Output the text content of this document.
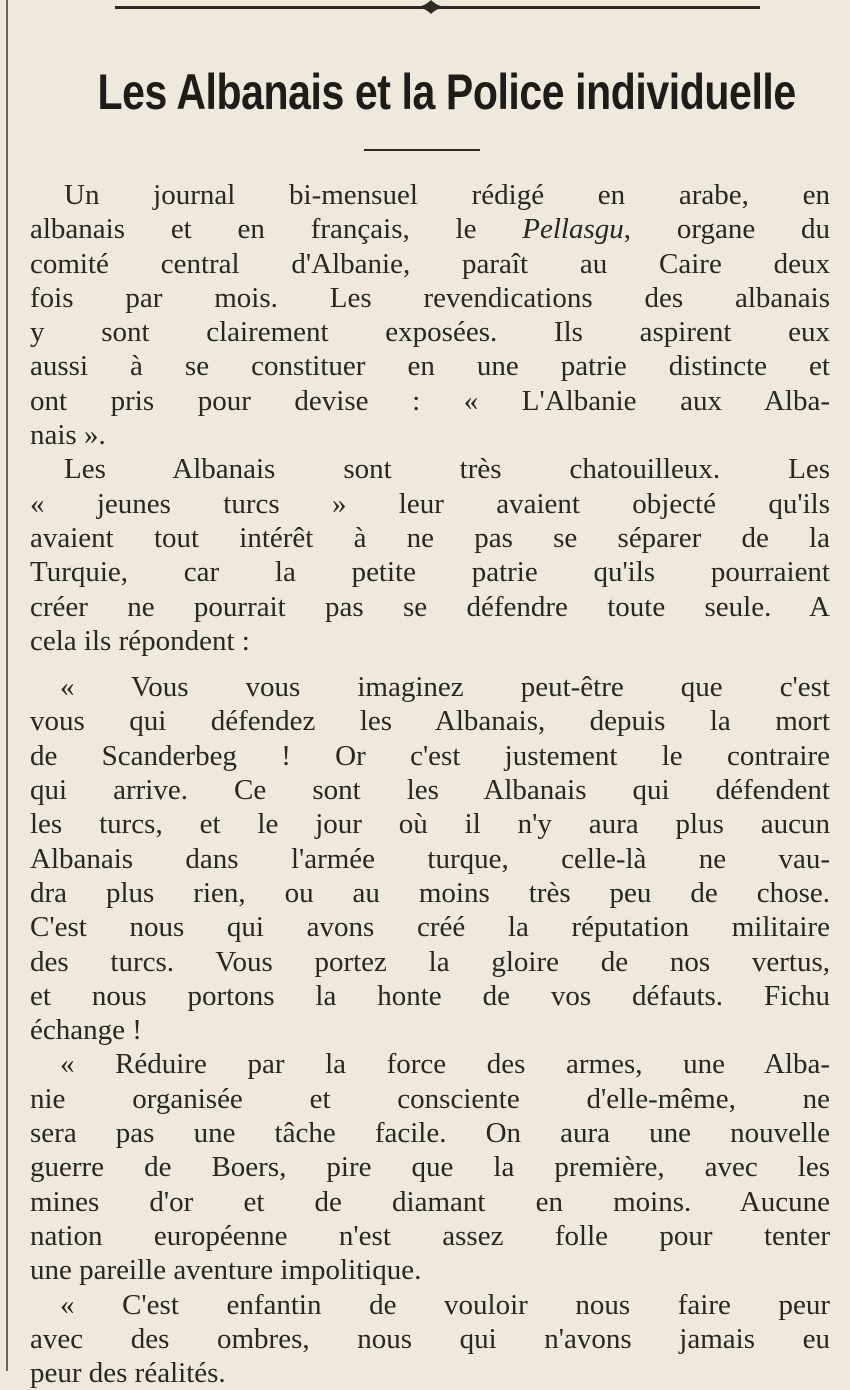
Les Albanais et la Police individuelle
Un journal bi-mensuel rédigé en arabe, en
albanais et en français, le Pellasgu, organe du
comité central d'Albanie, paraît au Caire deux
fois par mois. Les revendications des albanais
y sont clairement exposées. Ils aspirent eux
aussi à se constituer en une patrie distincte et
ont pris pour devise : « L'Albanie aux Alba-
nais ».
Les Albanais sont très chatouilleux. Les
« jeunes turcs » leur avaient objecté qu'ils
avaient tout intérêt à ne pas se séparer de la
Turquie, car la petite patrie qu'ils pourraient
créer ne pourrait pas se défendre toute seule. A
cela ils répondent :
« Vous vous imaginez peut-être que c'est
vous qui défendez les Albanais, depuis la mort
de Scanderbeg ! Or c'est justement le contraire
qui arrive. Ce sont les Albanais qui défendent
les turcs, et le jour où il n'y aura plus aucun
Albanais dans l'armée turque, celle-là ne vau-
dra plus rien, ou au moins très peu de chose.
C'est nous qui avons créé la réputation militaire
des turcs. Vous portez la gloire de nos vertus,
et nous portons la honte de vos défauts. Fichu
échange !
« Réduire par la force des armes, une Alba-
nie organisée et consciente d'elle-même, ne
sera pas une tâche facile. On aura une nouvelle
guerre de Boers, pire que la première, avec les
mines d'or et de diamant en moins. Aucune
nation européenne n'est assez folle pour tenter
une pareille aventure impolitique.
« C'est enfantin de vouloir nous faire peur
avec des ombres, nous qui n'avons jamais eu
peur des réalités.
